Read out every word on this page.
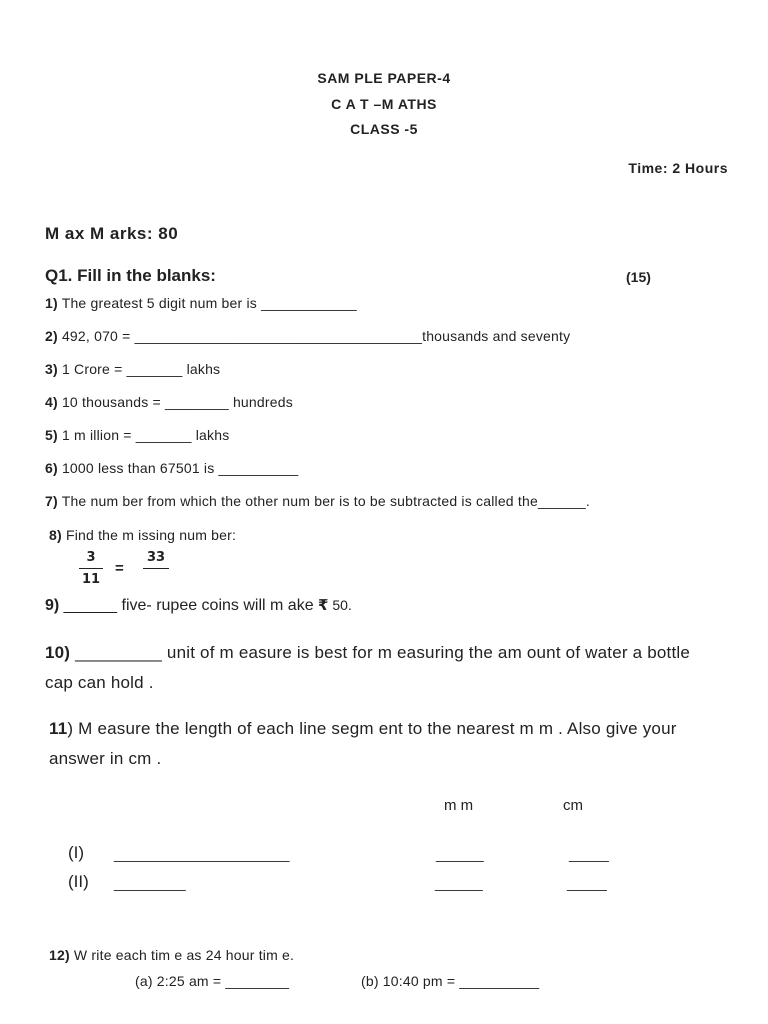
SAM PLE PAPER-4
C A T –M ATHS
CLASS -5
Time: 2 Hours
M ax M arks: 80
Q1. Fill in the blanks:	(15)
1) The greatest 5 digit num ber is ____________
2) 492, 070 = ____________________________________thousands and seventy
3) 1 Crore = _______ lakhs
4) 10 thousands = ________ hundreds
5) 1 m illion = _______ lakhs
6) 1000 less than 67501 is __________
7) The num ber from which the other num ber is to be subtracted is called the______.
8) Find the m issing num ber:
3
11
=
33
9) ______ five- rupee coins will m ake ₹ 50.
10) _________ unit of m easure is best for m easuring the am ount of water a bottle
cap can hold .
11) M easure the length of each line segm ent to the nearest m m . Also give your
answer in cm .
m m	cm
(I) ______________________	______	_____
(II) _________	______	_____
12) W rite each tim e as 24 hour tim e.
(a) 2:25 am = ________	(b) 10:40 pm = __________
